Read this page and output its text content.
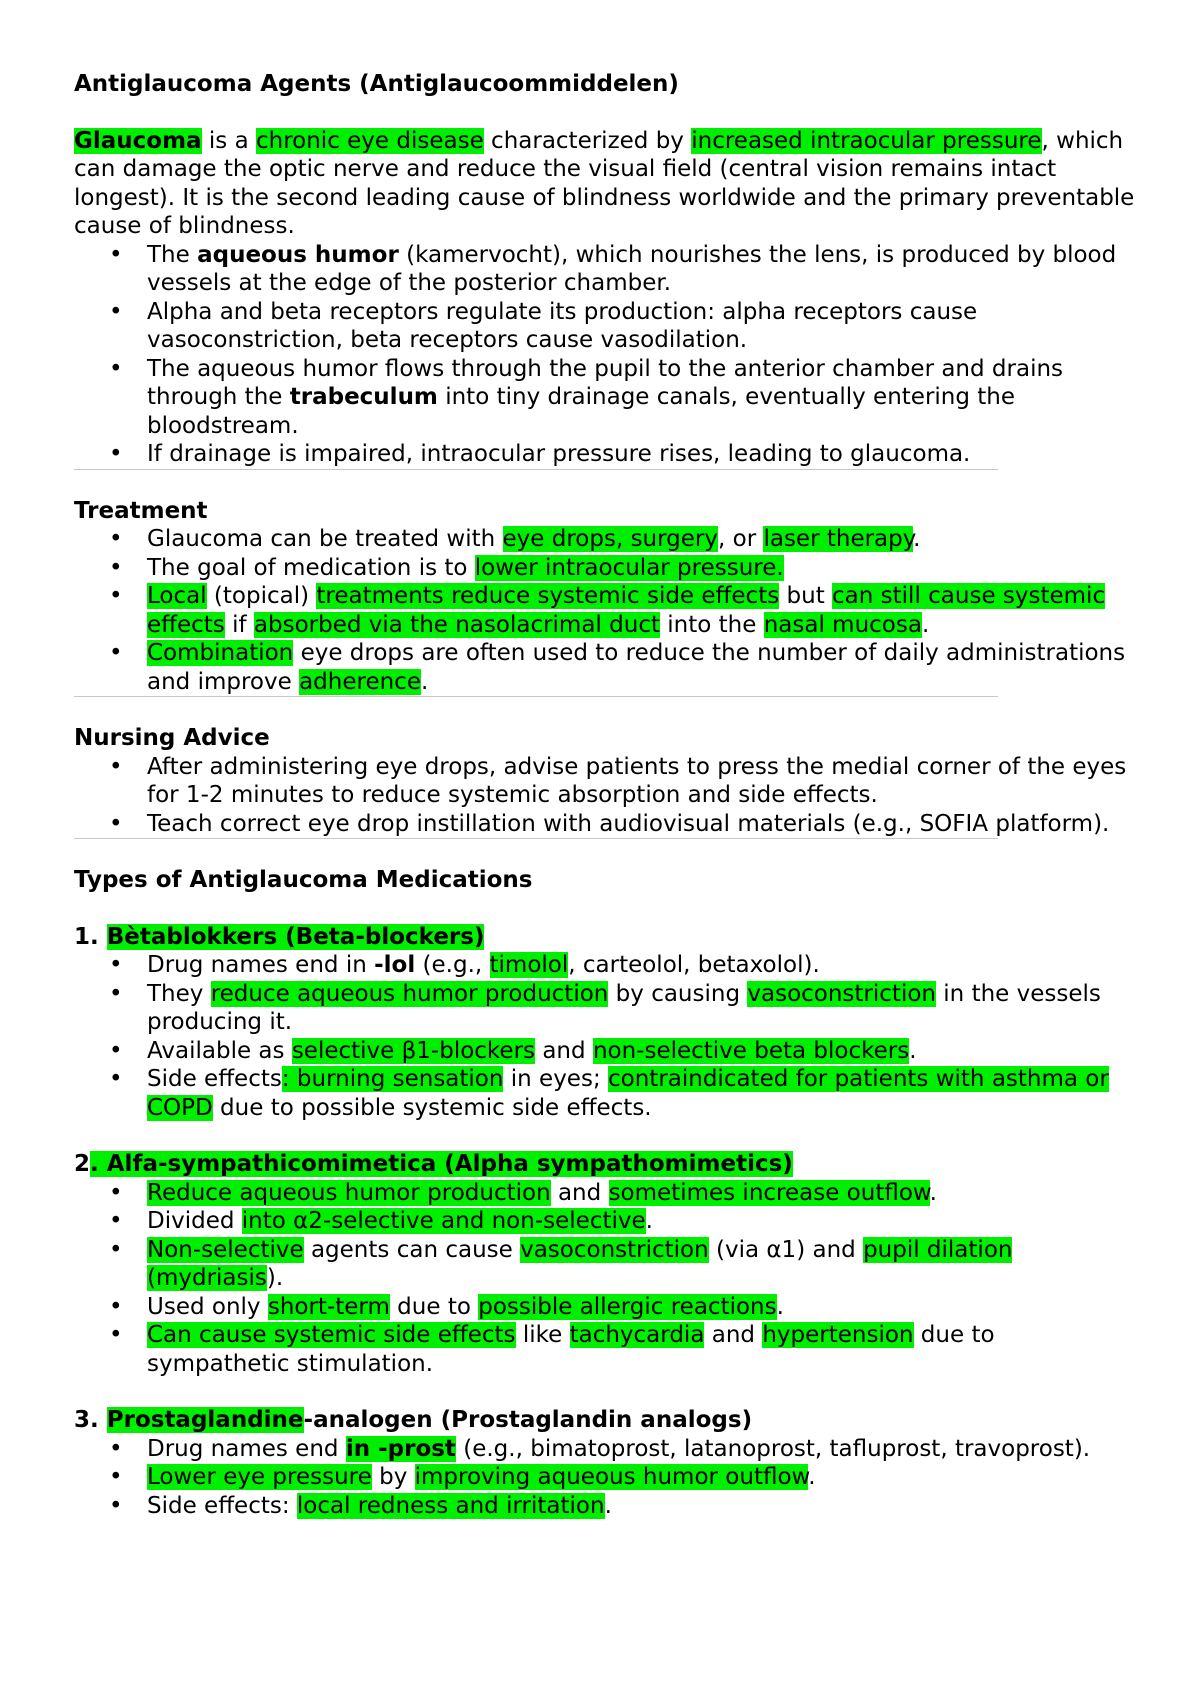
Antiglaucoma Agents (Antiglaucoommiddelen)

Glaucoma is a chronic eye disease characterized by increased intraocular pressure, which can damage the optic nerve and reduce the visual field (central vision remains intact longest). It is the second leading cause of blindness worldwide and the primary preventable cause of blindness.

• The aqueous humor (kamervocht), which nourishes the lens, is produced by blood vessels at the edge of the posterior chamber.
• Alpha and beta receptors regulate its production: alpha receptors cause vasoconstriction, beta receptors cause vasodilation.
• The aqueous humor flows through the pupil to the anterior chamber and drains through the trabeculum into tiny drainage canals, eventually entering the bloodstream.
• If drainage is impaired, intraocular pressure rises, leading to glaucoma.

Treatment

• Glaucoma can be treated with eye drops, surgery, or laser therapy.
• The goal of medication is to lower intraocular pressure.
• Local (topical) treatments reduce systemic side effects but can still cause systemic effects if absorbed via the nasolacrimal duct into the nasal mucosa.
• Combination eye drops are often used to reduce the number of daily administrations and improve adherence.

Nursing Advice

• After administering eye drops, advise patients to press the medial corner of the eyes for 1-2 minutes to reduce systemic absorption and side effects.
• Teach correct eye drop instillation with audiovisual materials (e.g., SOFIA platform).

Types of Antiglaucoma Medications

1. Bètablokkers (Beta-blockers)

• Drug names end in -lol (e.g., timolol, carteolol, betaxolol).
• They reduce aqueous humor production by causing vasoconstriction in the vessels producing it.
• Available as selective β1-blockers and non-selective beta blockers.
• Side effects: burning sensation in eyes; contraindicated for patients with asthma or COPD due to possible systemic side effects.

2. Alfa-sympathicomimetica (Alpha sympathomimetics)

• Reduce aqueous humor production and sometimes increase outflow.
• Divided into α2-selective and non-selective.
• Non-selective agents can cause vasoconstriction (via α1) and pupil dilation (mydriasis).
• Used only short-term due to possible allergic reactions.
• Can cause systemic side effects like tachycardia and hypertension due to sympathetic stimulation.

3. Prostaglandine-analogen (Prostaglandin analogs)

• Drug names end in -prost (e.g., bimatoprost, latanoprost, tafluprost, travoprost).
• Lower eye pressure by improving aqueous humor outflow.
• Side effects: local redness and irritation.
